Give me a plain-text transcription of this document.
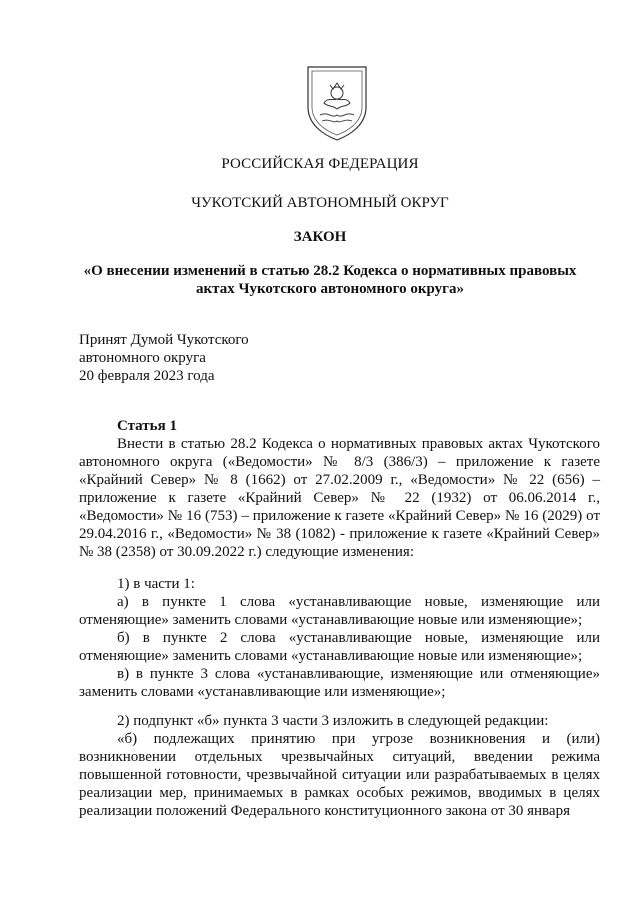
РОССИЙСКАЯ ФЕДЕРАЦИЯ
ЧУКОТСКИЙ АВТОНОМНЫЙ ОКРУГ
ЗАКОН
«О внесении изменений в статью 28.2 Кодекса о нормативных правовых
актах Чукотского автономного округа»
Принят Думой Чукотского
автономного округа
20 февраля 2023 года
Статья 1

Внести в статью 28.2 Кодекса о нормативных правовых актах Чукотского автономного округа («Ведомости» № 8/3 (386/3) – приложение к газете «Крайний Север» № 8 (1662) от 27.02.2009 г., «Ведомости» № 22 (656) – приложение к газете «Крайний Север» № 22 (1932) от 06.06.2014 г., «Ведомости» № 16 (753) – приложение к газете «Крайний Север» № 16 (2029) от 29.04.2016 г., «Ведомости» № 38 (1082) - приложение к газете «Крайний Север» № 38 (2358) от 30.09.2022 г.) следующие изменения:

1) в части 1:

а) в пункте 1 слова «устанавливающие новые, изменяющие или отменяющие» заменить словами «устанавливающие новые или изменяющие»;

б) в пункте 2 слова «устанавливающие новые, изменяющие или отменяющие» заменить словами «устанавливающие новые или изменяющие»;

в) в пункте 3 слова «устанавливающие, изменяющие или отменяющие» заменить словами «устанавливающие или изменяющие»;

2) подпункт «б» пункта 3 части 3 изложить в следующей редакции:

«б) подлежащих принятию при угрозе возникновения и (или) возникновении отдельных чрезвычайных ситуаций, введении режима повышенной готовности, чрезвычайной ситуации или разрабатываемых в целях реализации мер, принимаемых в рамках особых режимов, вводимых в целях реализации положений Федерального конституционного закона от 30 января
